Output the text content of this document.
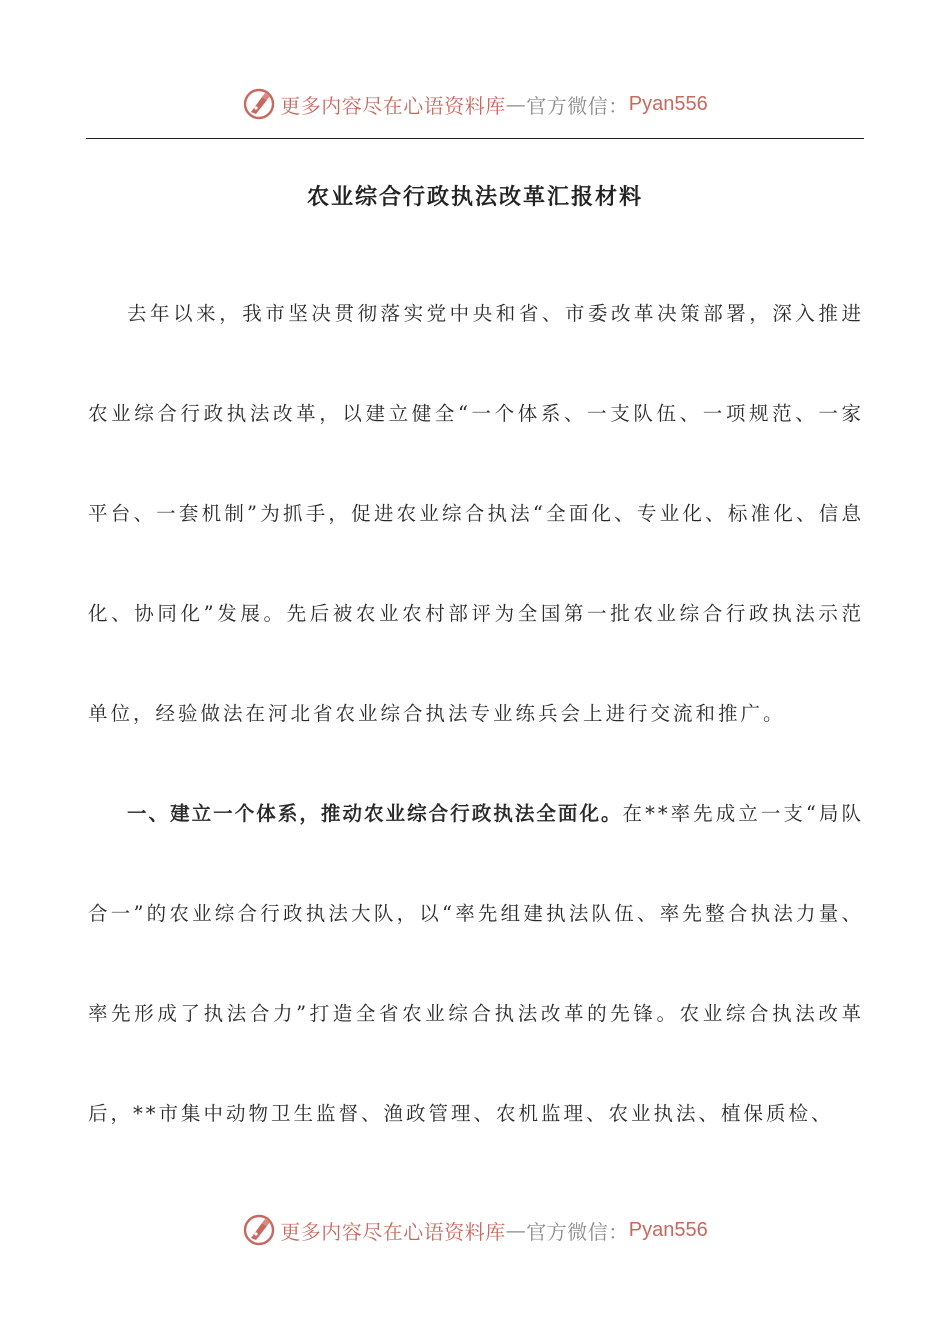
更多内容尽在心语资料库 — 官方微信： Pyan556
农业综合行政执法改革汇报材料

去年以来，我市坚决贯彻落实党中央和省、市委改革决策部署，深入推进农业综合行政执法改革，以建立健全“一个体系、一支队伍、一项规范、一家平台、一套机制”为抓手，促进农业综合执法“全面化、专业化、标准化、信息化、协同化”发展。先后被农业农村部评为全国第一批农业综合行政执法示范单位，经验做法在河北省农业综合执法专业练兵会上进行交流和推广。

一、建立一个体系，推动农业综合行政执法全面化。在**率先成立一支“局队合一”的农业综合行政执法大队，以“率先组建执法队伍、率先整合执法力量、率先形成了执法合力”打造全省农业综合执法改革的先锋。农业综合执法改革后，**市集中动物卫生监督、渔政管理、农机监理、农业执法、植保质检、

更多内容尽在心语资料库 — 官方微信： Pyan556
